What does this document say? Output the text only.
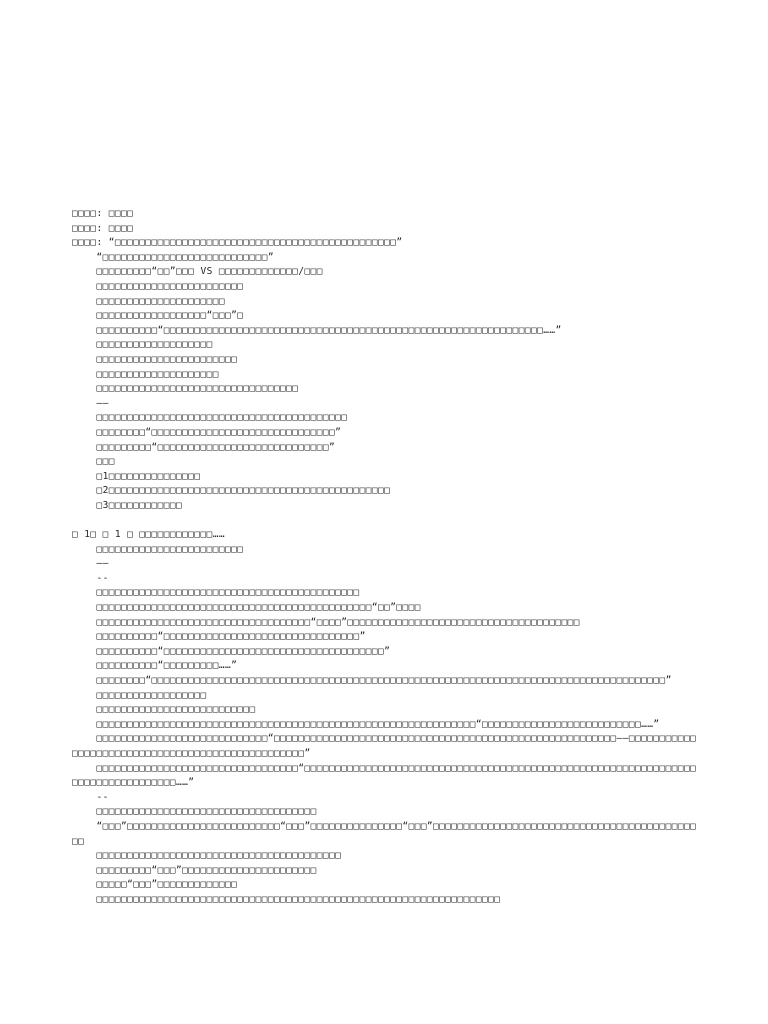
□□□□: □□□□
□□□□: □□□□
□□□□: “□□□□□□□□□□□□□□□□□□□□□□□□□□□□□□□□□□□□□□□□□□□□□□”
“□□□□□□□□□□□□□□□□□□□□□□□□□□□”
□□□□□□□□□“□□”□□□ VS □□□□□□□□□□□□□/□□□
□□□□□□□□□□□□□□□□□□□□□□□□
□□□□□□□□□□□□□□□□□□□□□
□□□□□□□□□□□□□□□□□□“□□□”□
□□□□□□□□□□“□□□□□□□□□□□□□□□□□□□□□□□□□□□□□□□□□□□□□□□□□□□□□□□□□□□□□□□□□□□□□□……”
□□□□□□□□□□□□□□□□□□□
□□□□□□□□□□□□□□□□□□□□□□□
□□□□□□□□□□□□□□□□□□□□
□□□□□□□□□□□□□□□□□□□□□□□□□□□□□□□□□
——
□□□□□□□□□□□□□□□□□□□□□□□□□□□□□□□□□□□□□□□□□
□□□□□□□□“□□□□□□□□□□□□□□□□□□□□□□□□□□□□□□”
□□□□□□□□□“□□□□□□□□□□□□□□□□□□□□□□□□□□□□”
□□□
□1□□□□□□□□□□□□□□□
□2□□□□□□□□□□□□□□□□□□□□□□□□□□□□□□□□□□□□□□□□□□□□□□
□3□□□□□□□□□□□□
□ 1□ □ 1 □ □□□□□□□□□□□□……
□□□□□□□□□□□□□□□□□□□□□□□□
——
--
□□□□□□□□□□□□□□□□□□□□□□□□□□□□□□□□□□□□□□□□□□□
□□□□□□□□□□□□□□□□□□□□□□□□□□□□□□□□□□□□□□□□□□□□□“□□”□□□□
□□□□□□□□□□□□□□□□□□□□□□□□□□□□□□□□□□□“□□□□”□□□□□□□□□□□□□□□□□□□□□□□□□□□□□□□□□□□□□□
□□□□□□□□□□“□□□□□□□□□□□□□□□□□□□□□□□□□□□□□□□□”
□□□□□□□□□□“□□□□□□□□□□□□□□□□□□□□□□□□□□□□□□□□□□□□”
□□□□□□□□□□“□□□□□□□□□……”
□□□□□□□□“□□□□□□□□□□□□□□□□□□□□□□□□□□□□□□□□□□□□□□□□□□□□□□□□□□□□□□□□□□□□□□□□□□□□□□□□□□□□□□□□□□□□”
□□□□□□□□□□□□□□□□□□
□□□□□□□□□□□□□□□□□□□□□□□□□□
□□□□□□□□□□□□□□□□□□□□□□□□□□□□□□□□□□□□□□□□□□□□□□□□□□□□□□□□□□□□□□“□□□□□□□□□□□□□□□□□□□□□□□□□□……”
□□□□□□□□□□□□□□□□□□□□□□□□□□□□“□□□□□□□□□□□□□□□□□□□□□□□□□□□□□□□□□□□□□□□□□□□□□□□□□□□□□□□□——□□□□□□□□□□□□□□□□□□□□□□□□□□□□□□□□□□□□□□□□□□□□□□□□□”
□□□□□□□□□□□□□□□□□□□□□□□□□□□□□□□□□“□□□□□□□□□□□□□□□□□□□□□□□□□□□□□□□□□□□□□□□□□□□□□□□□□□□□□□□□□□□□□□□□□□□□□□□□□□□□□□□□□……”
--
□□□□□□□□□□□□□□□□□□□□□□□□□□□□□□□□□□□□
“□□□”□□□□□□□□□□□□□□□□□□□□□□□□□“□□□”□□□□□□□□□□□□□□□“□□□”□□□□□□□□□□□□□□□□□□□□□□□□□□□□□□□□□□□□□□□□□□□□□
□□□□□□□□□□□□□□□□□□□□□□□□□□□□□□□□□□□□□□□□
□□□□□□□□□“□□□”□□□□□□□□□□□□□□□□□□□□□□
□□□□□“□□□”□□□□□□□□□□□□□
□□□□□□□□□□□□□□□□□□□□□□□□□□□□□□□□□□□□□□□□□□□□□□□□□□□□□□□□□□□□□□□□□□
